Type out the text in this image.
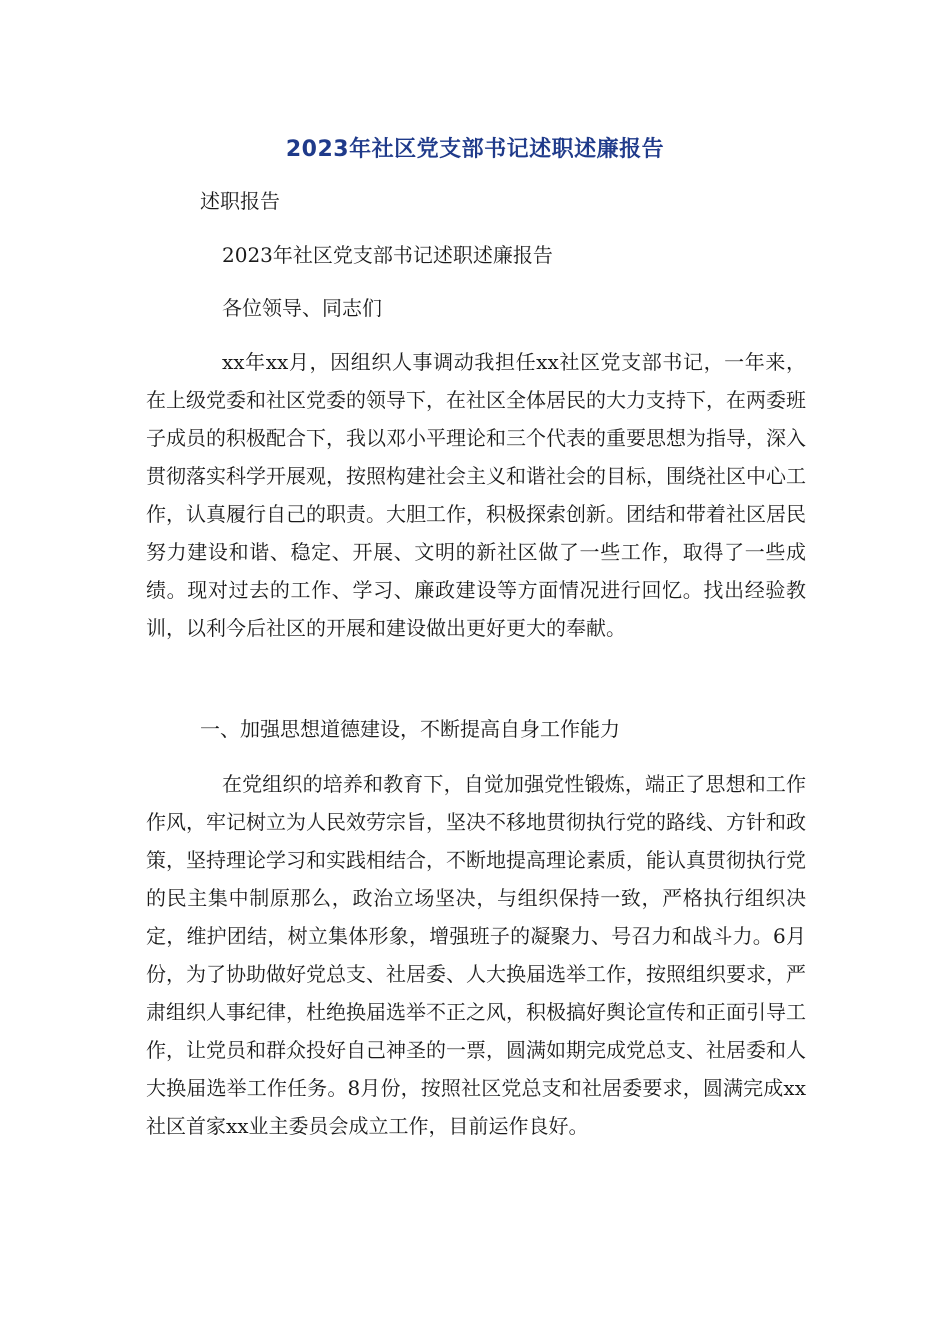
2023年社区党支部书记述职述廉报告

述职报告

2023年社区党支部书记述职述廉报告

各位领导、同志们

xx年xx月，因组织人事调动我担任xx社区党支部书记，一年来，在上级党委和社区党委的领导下，在社区全体居民的大力支持下，在两委班子成员的积极配合下，我以邓小平理论和三个代表的重要思想为指导，深入贯彻落实科学开展观，按照构建社会主义和谐社会的目标，围绕社区中心工作，认真履行自己的职责。大胆工作，积极探索创新。团结和带着社区居民努力建设和谐、稳定、开展、文明的新社区做了一些工作，取得了一些成绩。现对过去的工作、学习、廉政建设等方面情况进行回忆。找出经验教训，以利今后社区的开展和建设做出更好更大的奉献。

一、加强思想道德建设，不断提高自身工作能力

在党组织的培养和教育下，自觉加强党性锻炼，端正了思想和工作作风，牢记树立为人民效劳宗旨，坚决不移地贯彻执行党的路线、方针和政策，坚持理论学习和实践相结合，不断地提高理论素质，能认真贯彻执行党的民主集中制原那么，政治立场坚决，与组织保持一致，严格执行组织决定，维护团结，树立集体形象，增强班子的凝聚力、号召力和战斗力。6月份，为了协助做好党总支、社居委、人大换届选举工作，按照组织要求，严肃组织人事纪律，杜绝换届选举不正之风，积极搞好舆论宣传和正面引导工作，让党员和群众投好自己神圣的一票，圆满如期完成党总支、社居委和人大换届选举工作任务。8月份，按照社区党总支和社居委要求，圆满完成xx社区首家xx业主委员会成立工作，目前运作良好。
